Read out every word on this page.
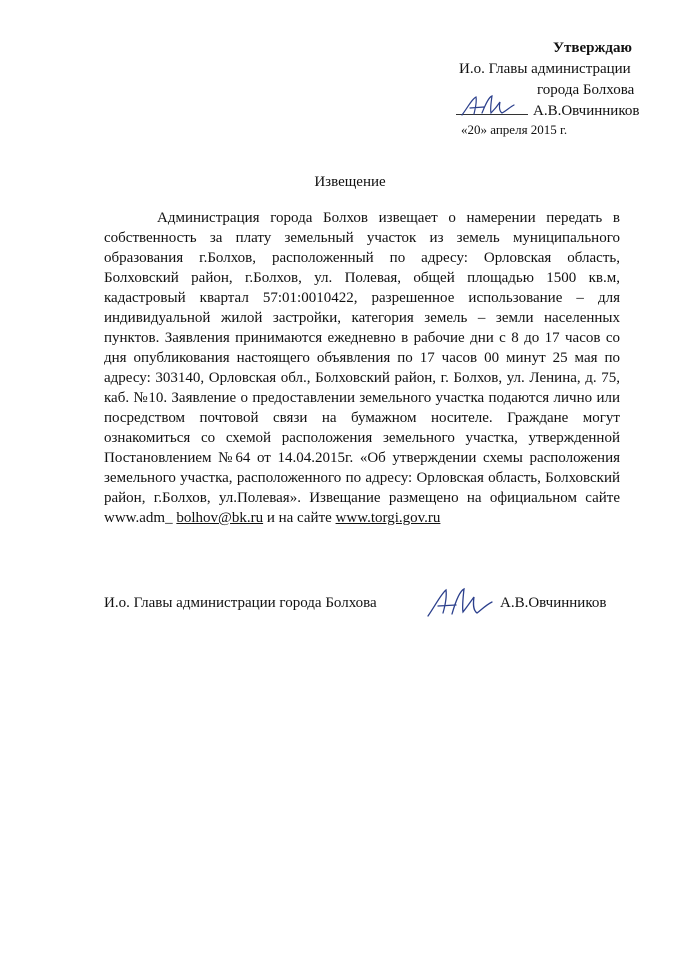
Утверждаю
И.о. Главы администрации
города Болхова
А.В.Овчинников
«20» апреля 2015 г.
Извещение

Администрация города Болхов извещает о намерении передать в собственность за плату земельный участок из земель муниципального образования г.Болхов, расположенный по адресу: Орловская область, Болховский район, г.Болхов, ул. Полевая, общей площадью 1500 кв.м, кадастровый квартал 57:01:0010422, разрешенное использование – для индивидуальной жилой застройки, категория земель – земли населенных пунктов. Заявления принимаются ежедневно в рабочие дни с 8 до 17 часов со дня опубликования настоящего объявления по 17 часов 00 минут 25 мая по адресу: 303140, Орловская обл., Болховский район, г. Болхов, ул. Ленина, д. 75, каб. №10. Заявление о предоставлении земельного участка подаются лично или посредством почтовой связи на бумажном носителе. Граждане могут ознакомиться со схемой расположения земельного участка, утвержденной Постановлением №64 от 14.04.2015г. «Об утверждении схемы расположения земельного участка, расположенного по адресу: Орловская область, Болховский район, г.Болхов, ул.Полевая». Извещание размещено на официальном сайте www.adm_ bolhov@bk.ru и на сайте www.torgi.gov.ru

И.о. Главы администрации города Болхова	А.В.Овчинников
